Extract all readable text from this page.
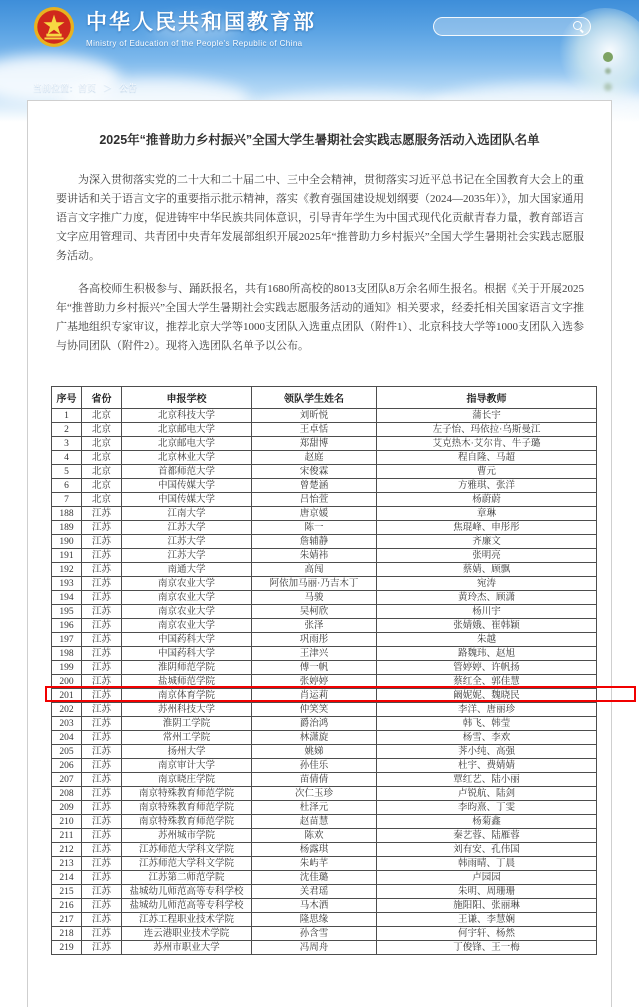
中华人民共和国教育部
Ministry of Education of the People's Republic of China
当前位置：首页 ＞ 公告
2025年“推普助力乡村振兴”全国大学生暑期社会实践志愿服务活动入选团队名单
为深入贯彻落实党的二十大和二十届二中、三中全会精神，贯彻落实习近平总书记在全国教育大会上的重要讲话和关于语言文字的重要指示批示精神，落实《教育强国建设规划纲要（2024—2035年）》，加大国家通用语言文字推广力度，促进铸牢中华民族共同体意识，引导青年学生为中国式现代化贡献青春力量，教育部语言文字应用管理司、共青团中央青年发展部组织开展2025年“推普助力乡村振兴”全国大学生暑期社会实践志愿服务活动。
各高校师生积极参与、踊跃报名，共有1680所高校的8013支团队8万余名师生报名。根据《关于开展2025年“推普助力乡村振兴”全国大学生暑期社会实践志愿服务活动的通知》相关要求，经委托相关国家语言文字推广基地组织专家审议，推荐北京大学等1000支团队入选重点团队（附件1）、北京科技大学等1000支团队入选参与协同团队（附件2）。现将入选团队名单予以公布。
序号	省份	申报学校	领队学生姓名	指导教师
1	北京	北京科技大学	刘昕悦	蒲长宇
2	北京	北京邮电大学	王卓恬	左子怡、玛依拉·乌斯曼江
3	北京	北京邮电大学	郑甜博	艾克热木·艾尔肯、牛子璐
4	北京	北京林业大学	赵庭	程自隆、马超
5	北京	首都师范大学	宋俊霖	曹元
6	北京	中国传媒大学	曾楚涵	方雅琪、张洋
7	北京	中国传媒大学	吕怡萱	杨蔚蔚
188	江苏	江南大学	唐京媛	章琳
189	江苏	江苏大学	陈一	焦琨峰、申彤彤
190	江苏	江苏大学	詹辅静	齐廉文
191	江苏	江苏大学	朱婧祎	张明亮
192	江苏	南通大学	高闯	蔡婧、顾飘
193	江苏	南京农业大学	阿依加马丽·乃吉木丁	宛涛
194	江苏	南京农业大学	马骏	黄玲杰、顾潇
195	江苏	南京农业大学	吴柯欣	杨川宇
196	江苏	南京农业大学	张泽	张婧娥、崔韩颖
197	江苏	中国药科大学	巩雨彤	朱越
198	江苏	中国药科大学	王津兴	路魏玮、赵旭
199	江苏	淮阴师范学院	傅一帆	管婷婷、许帆扬
200	江苏	盐城师范学院	张婷婷	蔡红全、郭佳慧
201	江苏	南京体育学院	肖运莉	阚妮妮、魏晓民
202	江苏	苏州科技大学	仲笑笑	李洋、唐丽珍
203	江苏	淮阴工学院	爵治鸿	韩飞、韩莹
204	江苏	常州工学院	林潇旋	杨雪、李欢
205	江苏	扬州大学	姚娣	荠小纯、高强
206	江苏	南京审计大学	孙佳乐	杜宇、费婧婧
207	江苏	南京晓庄学院	苗倩倩	覃红艺、陆小丽
208	江苏	南京特殊教育师范学院	次仁玉珍	卢锐航、陆剑
209	江苏	南京特殊教育师范学院	杜泽元	李昀熹、丁雯
210	江苏	南京特殊教育师范学院	赵苗慧	杨菊鑫
211	江苏	苏州城市学院	陈欢	秦艺蓉、陆雁蓉
212	江苏	江苏师范大学科文学院	杨露琪	刘有安、孔伟国
213	江苏	江苏师范大学科文学院	朱屿芊	韩雨晴、丁晨
214	江苏	江苏第二师范学院	沈佳璐	卢园园
215	江苏	盐城幼儿师范高等专科学校	关君瑶	朱明、周珊珊
216	江苏	盐城幼儿师范高等专科学校	马木洒	施阳阳、张丽琳
217	江苏	江苏工程职业技术学院	隆思缘	王谦、李慧娴
218	江苏	连云港职业技术学院	孙含雪	何宇轩、杨然
219	江苏	苏州市职业大学	冯周舟	丁俊锋、王一梅
